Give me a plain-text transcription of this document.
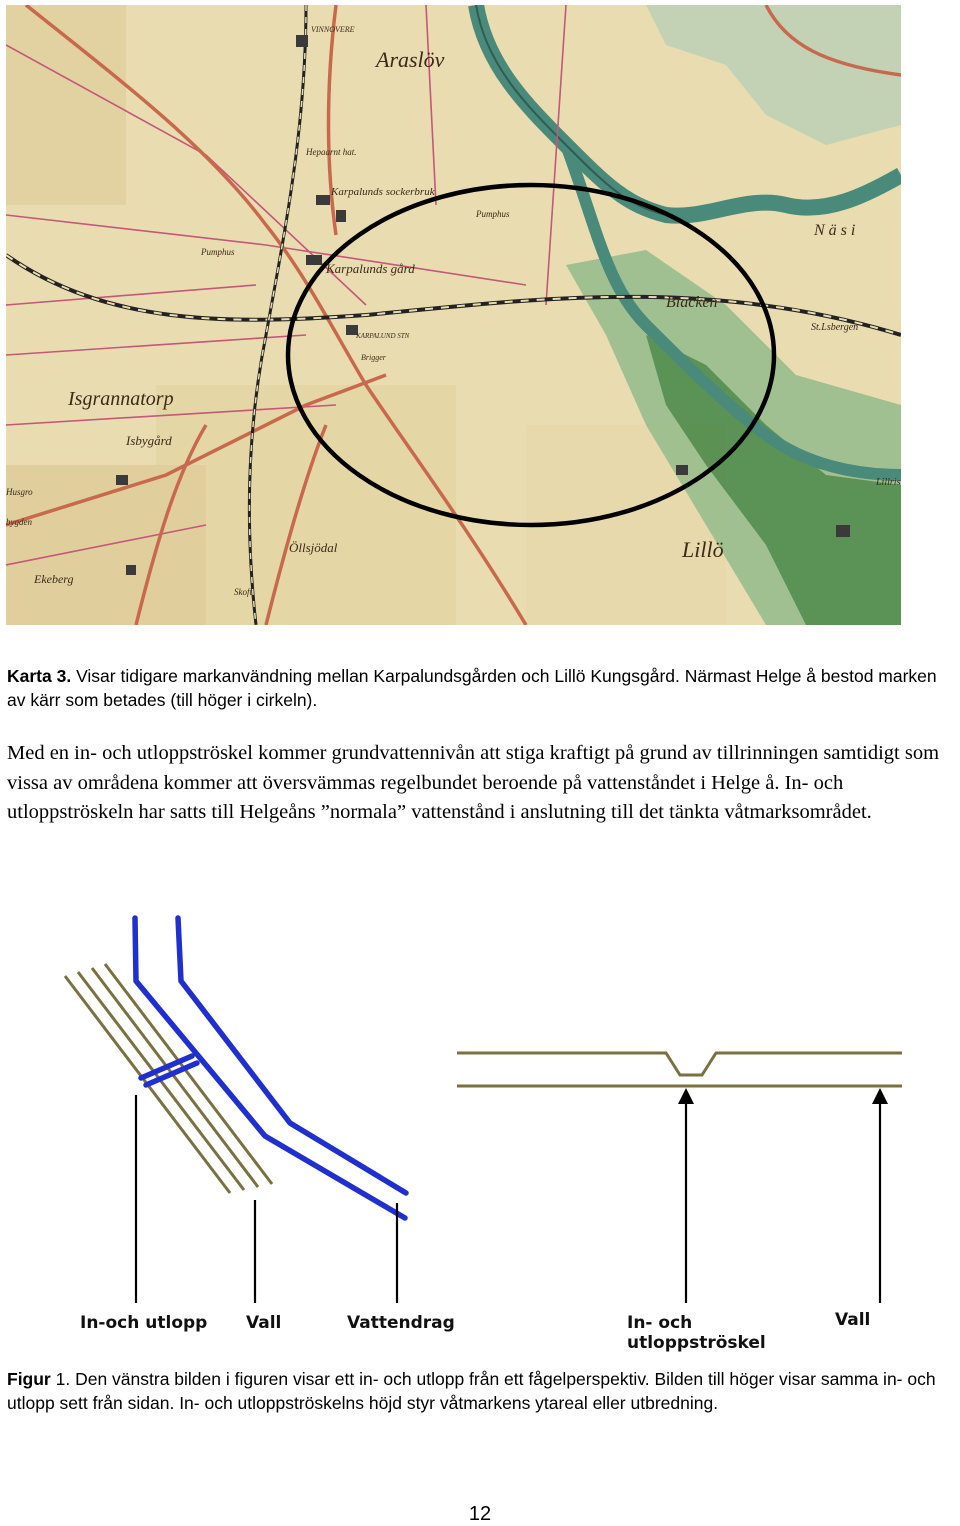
Araslöv
VINNOVERE
Hepaarnt hat.
Karpalunds sockerbruk
Pumphus
Pumphus
Karpalunds gård
KARPALUND STN
Brigger
Isgrannatorp
Isbygård
Husgro
bygden
Öllsjödal
Ekeberg
Skoft
Lillö
Blacken
St.Lsbergen
N ä s i
Lillris
Karta 3. Visar tidigare markanvändning mellan Karpalundsgården och Lillö Kungsgård. Närmast Helge å bestod marken av kärr som betades (till höger i cirkeln).
Med en in- och utloppströskel kommer grundvattennivån att stiga kraftigt på grund av tillrinningen samtidigt som vissa av områdena kommer att översvämmas regelbundet beroende på vattenståndet i Helge å. In- och utloppströskeln har satts till Helgeåns ”normala” vattenstånd i anslutning till det tänkta våtmarksområdet.
In-och utlopp Vall	Vattendrag	In- och
utloppströskel
Vall
Figur 1. Den vänstra bilden i figuren visar ett in- och utlopp från ett fågelperspektiv. Bilden till höger visar samma in- och utlopp sett från sidan. In- och utloppströskelns höjd styr våtmarkens ytareal eller utbredning.
12
